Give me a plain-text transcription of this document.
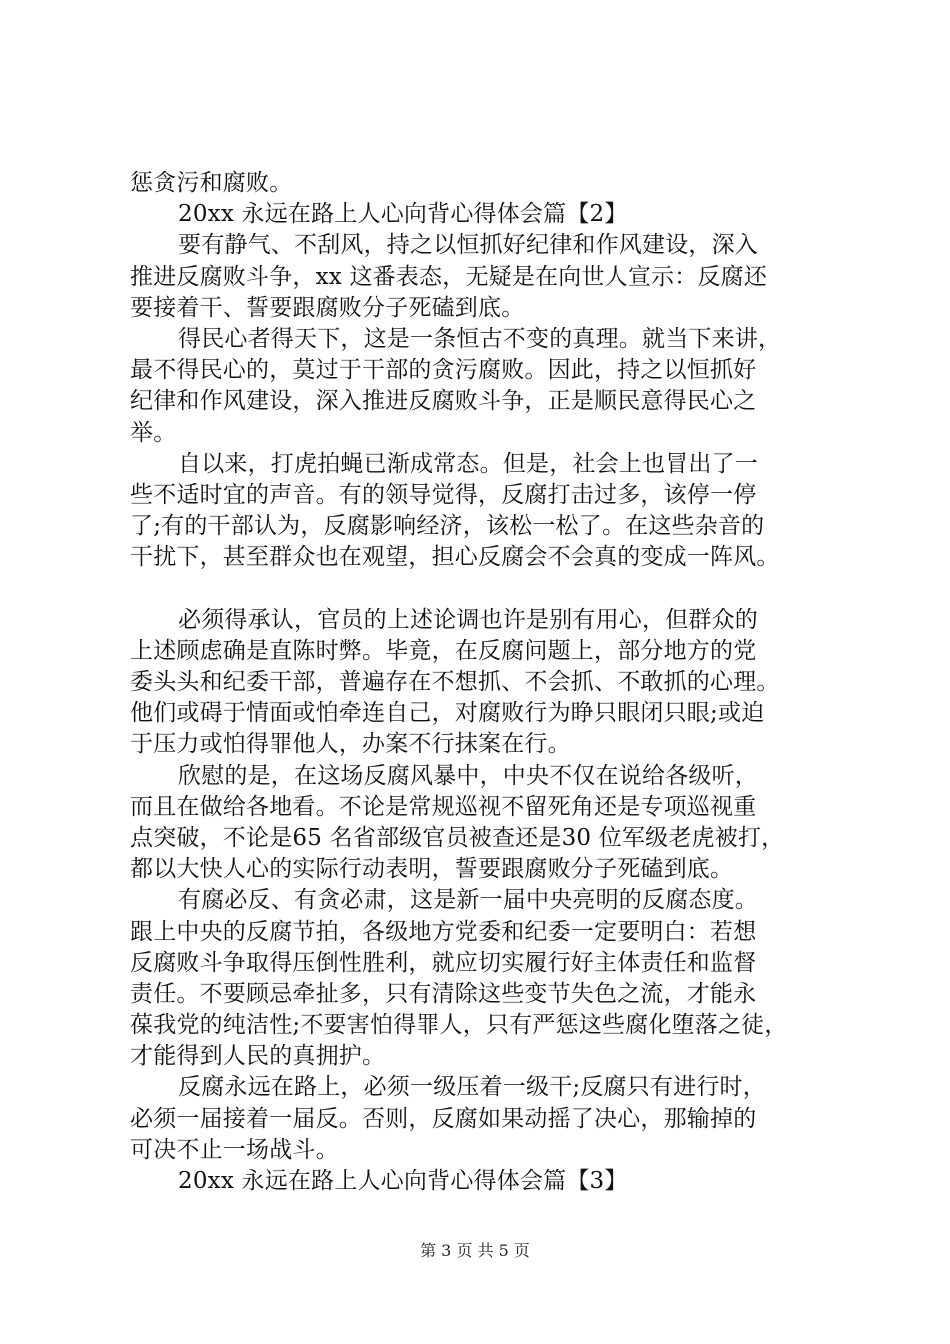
惩贪污和腐败。
20xx 永远在路上人心向背心得体会篇【2】
要有静气、不刮风，持之以恒抓好纪律和作风建设，深入
推进反腐败斗争，xx 这番表态，无疑是在向世人宣示：反腐还
要接着干、誓要跟腐败分子死磕到底。
得民心者得天下，这是一条恒古不变的真理。就当下来讲，
最不得民心的，莫过于干部的贪污腐败。因此，持之以恒抓好
纪律和作风建设，深入推进反腐败斗争，正是顺民意得民心之
举。
自以来，打虎拍蝇已渐成常态。但是，社会上也冒出了一
些不适时宜的声音。有的领导觉得，反腐打击过多，该停一停
了;有的干部认为，反腐影响经济，该松一松了。在这些杂音的
干扰下，甚至群众也在观望，担心反腐会不会真的变成一阵风。
必须得承认，官员的上述论调也许是别有用心，但群众的
上述顾虑确是直陈时弊。毕竟，在反腐问题上，部分地方的党
委头头和纪委干部，普遍存在不想抓、不会抓、不敢抓的心理。
他们或碍于情面或怕牵连自己，对腐败行为睁只眼闭只眼;或迫
于压力或怕得罪他人，办案不行抹案在行。
欣慰的是，在这场反腐风暴中，中央不仅在说给各级听，
而且在做给各地看。不论是常规巡视不留死角还是专项巡视重
点突破，不论是65 名省部级官员被查还是30 位军级老虎被打，
都以大快人心的实际行动表明，誓要跟腐败分子死磕到底。
有腐必反、有贪必肃，这是新一届中央亮明的反腐态度。
跟上中央的反腐节拍，各级地方党委和纪委一定要明白：若想
反腐败斗争取得压倒性胜利，就应切实履行好主体责任和监督
责任。不要顾忌牵扯多，只有清除这些变节失色之流，才能永
葆我党的纯洁性;不要害怕得罪人，只有严惩这些腐化堕落之徒，
才能得到人民的真拥护。
反腐永远在路上，必须一级压着一级干;反腐只有进行时，
必须一届接着一届反。否则，反腐如果动摇了决心，那输掉的
可决不止一场战斗。
20xx 永远在路上人心向背心得体会篇【3】
第 3 页 共 5 页
